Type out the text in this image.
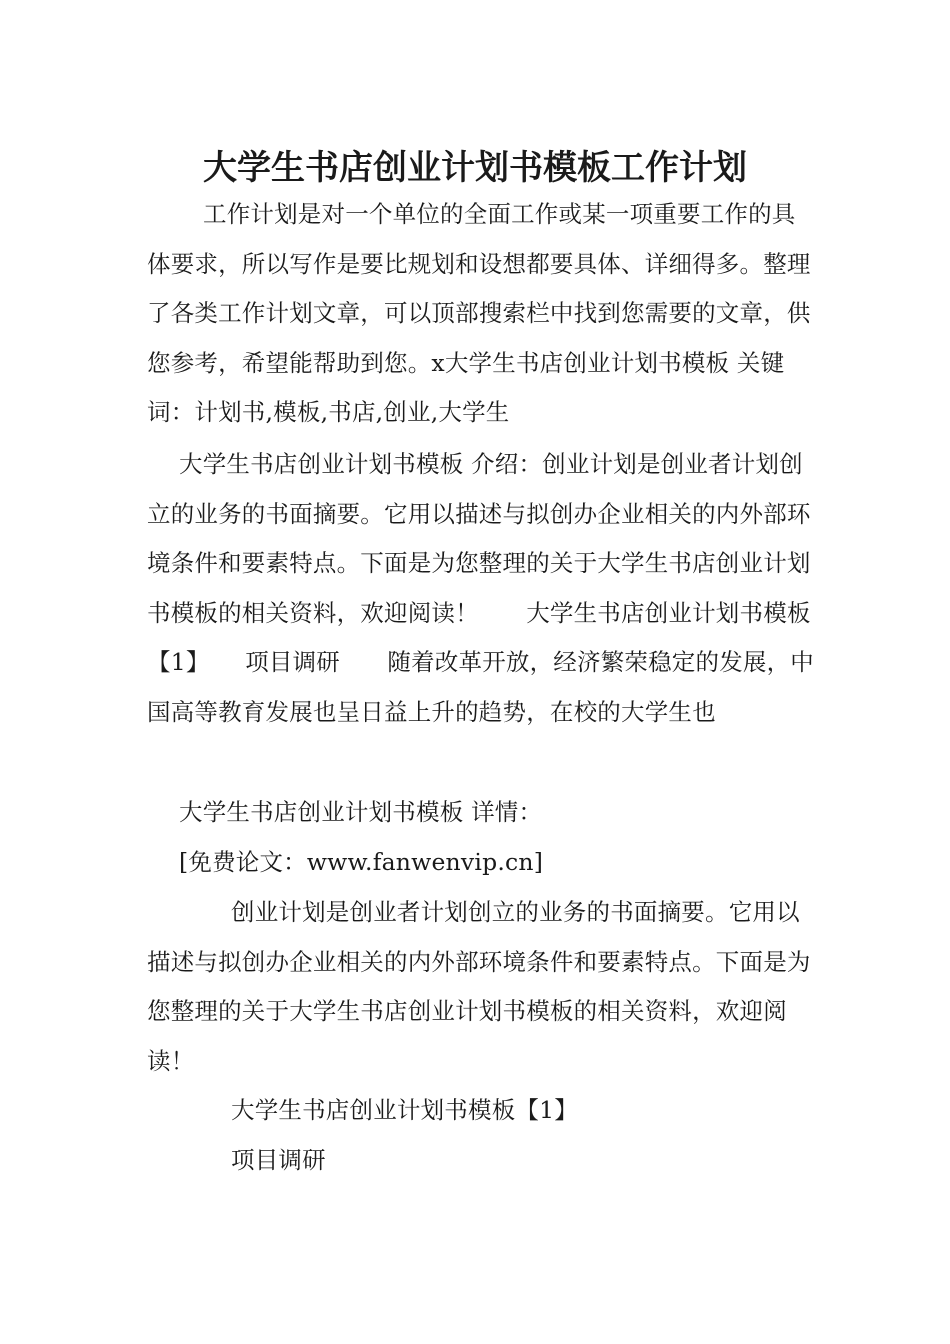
大学生书店创业计划书模板工作计划

工作计划是对一个单位的全面工作或某一项重要工作的具体要求，所以写作是要比规划和设想都要具体、详细得多。整理了各类工作计划文章，可以顶部搜索栏中找到您需要的文章，供您参考，希望能帮助到您。x大学生书店创业计划书模板 关键词：计划书,模板,书店,创业,大学生

大学生书店创业计划书模板 介绍：创业计划是创业者计划创立的业务的书面摘要。它用以描述与拟创办企业相关的内外部环境条件和要素特点。下面是为您整理的关于大学生书店创业计划书模板的相关资料，欢迎阅读！　　大学生书店创业计划书模板【1】　　项目调研　　随着改革开放，经济繁荣稳定的发展，中国高等教育发展也呈日益上升的趋势，在校的大学生也

大学生书店创业计划书模板 详情：

[免费论文：www.fanwenvip.cn]

创业计划是创业者计划创立的业务的书面摘要。它用以描述与拟创办企业相关的内外部环境条件和要素特点。下面是为您整理的关于大学生书店创业计划书模板的相关资料，欢迎阅读！

大学生书店创业计划书模板【1】

项目调研
